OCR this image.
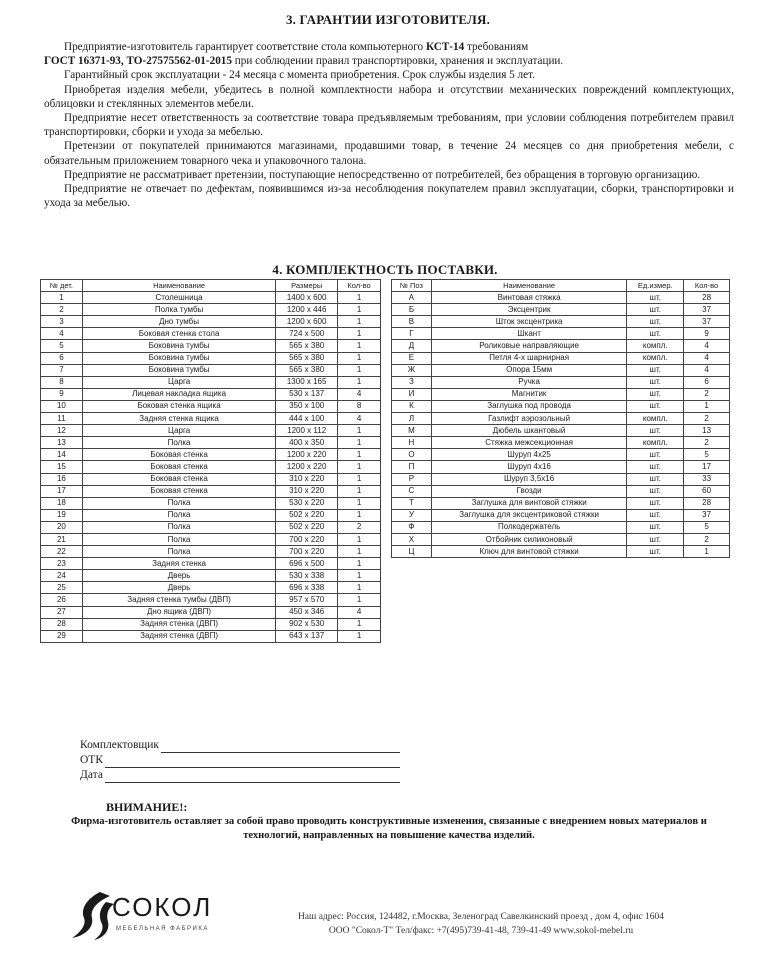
3. ГАРАНТИИ ИЗГОТОВИТЕЛЯ.

Предприятие-изготовитель гарантирует соответствие стола компьютерного КСТ-14 требованиям
ГОСТ 16371-93, ТО-27575562-01-2015 при соблюдении правил транспортировки, хранения и эксплуатации.

Гарантийный срок эксплуатации - 24 месяца с момента приобретения. Срок службы изделия 5 лет.

Приобретая изделия мебели, убедитесь в полной комплектности набора и отсутствии механических повреждений комплектующих, облицовки и стеклянных элементов мебели.

Предприятие несет ответственность за соответствие товара предъявляемым требованиям, при условии соблюдения потребителем правил транспортировки, сборки и ухода за мебелью.

Претензии от покупателей принимаются магазинами, продавшими товар, в течение 24 месяцев со дня приобретения мебели, с обязательным приложением товарного чека и упаковочного талона.

Предприятие не рассматривает претензии, поступающие непосредственно от потребителей, без обращения в торговую организацию.

Предприятие не отвечает по дефектам, появившимся из-за несоблюдения покупателем правил эксплуатации, сборки, транспортировки и ухода за мебелью.

4. КОМПЛЕКТНОСТЬ ПОСТАВКИ.
№ дет.	Наименование	Размеры	Кол-во
1	Столешница	1400 х 600	1
2	Полка тумбы	1200 х 446	1
3	Дно тумбы	1200 х 600	1
4	Боковая стенка стола	724 х 500	1
5	Боковина тумбы	565 х 380	1
6	Боковина тумбы	565 х 380	1
7	Боковина тумбы	565 х 380	1
8	Царга	1300 х 165	1
9	Лицевая накладка ящика	530 х 137	4
10	Боковая стенка ящика	350 х 100	8
11	Задняя стенка ящика	444 х 100	4
12	Царга	1200 х 112	1
13	Полка	400 х 350	1
14	Боковая стенка	1200 х 220	1
15	Боковая стенка	1200 х 220	1
16	Боковая стенка	310 х 220	1
17	Боковая стенка	310 х 220	1
18	Полка	530 х 220	1
19	Полка	502 х 220	1
20	Полка	502 х 220	2
21	Полка	700 х 220	1
22	Полка	700 х 220	1
23	Задняя стенка	696 х 500	1
24	Дверь	530 х 338	1
25	Дверь	696 х 338	1
26	Задняя стенка тумбы (ДВП)	957 х 570	1
27	Дно ящика (ДВП)	450 х 346	4
28	Задняя стенка (ДВП)	902 х 530	1
29	Задняя стенка (ДВП)	643 х 137	1
№ Поз	Наименование	Ед.измер.	Кол-во
А	Винтовая стяжка	шт.	28
Б	Эксцентрик	шт.	37
В	Шток эксцентрика	шт.	37
Г	Шкант	шт.	9
Д	Роликовые направляющие	компл.	4
Е	Петля 4-х шарнирная	компл.	4
Ж	Опора 15мм	шт.	4
З	Ручка	шт.	6
И	Магнитик	шт.	2
К	Заглушка под провода	шт.	1
Л	Газлифт аэрозольный	компл.	2
М	Дюбель шкантовый	шт.	13
Н	Стяжка межсекционная	компл.	2
О	Шуруп 4х25	шт.	5
П	Шуруп 4х16	шт.	17
Р	Шуруп 3,5х16	шт.	33
С	Гвозди	шт.	60
Т	Заглушка для винтовой стяжки	шт.	28
У	Заглушка для эксцентриковой стяжки	шт.	37
Ф	Полкодержатель	шт.	5
Х	Отбойник силиконовый	шт.	2
Ц	Ключ для винтовой стяжки	шт.	1
Комплектовщик
ОТК
Дата
ВНИМАНИЕ!:
Фирма-изготовитель оставляет за собой право проводить конструктивные изменения, связанные с внедрением новых материалов и технологий, направленных на повышение качества изделий.
СОКОЛ
МЕБЕЛЬНАЯ ФАБРИКА
Наш адрес: Россия, 124482, г.Москва, Зеленоград Савелкинский проезд , дом 4, офис 1604
ООО "Сокол-Т" Тел/факс: +7(495)739-41-48, 739-41-49 www.sokol-mebel.ru
